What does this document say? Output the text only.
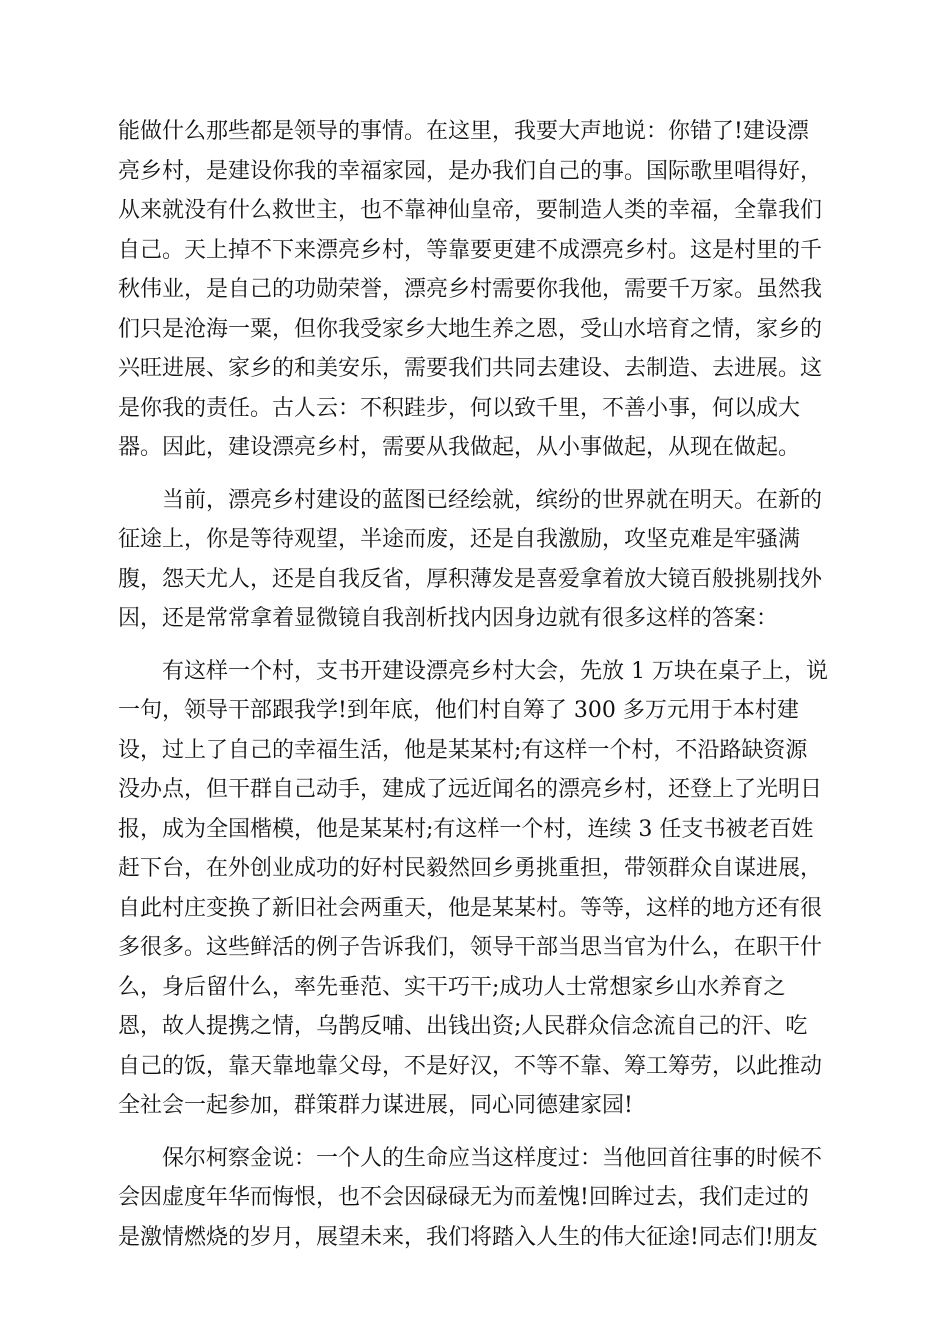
能做什么那些都是领导的事情。在这里，我要大声地说：你错了!建设漂
亮乡村，是建设你我的幸福家园，是办我们自己的事。国际歌里唱得好，
从来就没有什么救世主，也不靠神仙皇帝，要制造人类的幸福，全靠我们
自己。天上掉不下来漂亮乡村，等靠要更建不成漂亮乡村。这是村里的千
秋伟业，是自己的功勋荣誉，漂亮乡村需要你我他，需要千万家。虽然我
们只是沧海一粟，但你我受家乡大地生养之恩，受山水培育之情，家乡的
兴旺进展、家乡的和美安乐，需要我们共同去建设、去制造、去进展。这
是你我的责任。古人云：不积跬步，何以致千里，不善小事，何以成大
器。因此，建设漂亮乡村，需要从我做起，从小事做起，从现在做起。

当前，漂亮乡村建设的蓝图已经绘就，缤纷的世界就在明天。在新的
征途上，你是等待观望，半途而废，还是自我激励，攻坚克难是牢骚满
腹，怨天尤人，还是自我反省，厚积薄发是喜爱拿着放大镜百般挑剔找外
因，还是常常拿着显微镜自我剖析找内因身边就有很多这样的答案：

有这样一个村，支书开建设漂亮乡村大会，先放 1 万块在桌子上，说
一句，领导干部跟我学!到年底，他们村自筹了 300 多万元用于本村建
设，过上了自己的幸福生活，他是某某村;有这样一个村，不沿路缺资源
没办点，但干群自己动手，建成了远近闻名的漂亮乡村，还登上了光明日
报，成为全国楷模，他是某某村;有这样一个村，连续 3 任支书被老百姓
赶下台，在外创业成功的好村民毅然回乡勇挑重担，带领群众自谋进展，
自此村庄变换了新旧社会两重天，他是某某村。等等，这样的地方还有很
多很多。这些鲜活的例子告诉我们，领导干部当思当官为什么，在职干什
么，身后留什么，率先垂范、实干巧干;成功人士常想家乡山水养育之
恩，故人提携之情，乌鹊反哺、出钱出资;人民群众信念流自己的汗、吃
自己的饭，靠天靠地靠父母，不是好汉，不等不靠、筹工筹劳，以此推动
全社会一起参加，群策群力谋进展，同心同德建家园!

保尔柯察金说：一个人的生命应当这样度过：当他回首往事的时候不
会因虚度年华而悔恨，也不会因碌碌无为而羞愧!回眸过去，我们走过的
是激情燃烧的岁月，展望未来，我们将踏入人生的伟大征途!同志们!朋友
